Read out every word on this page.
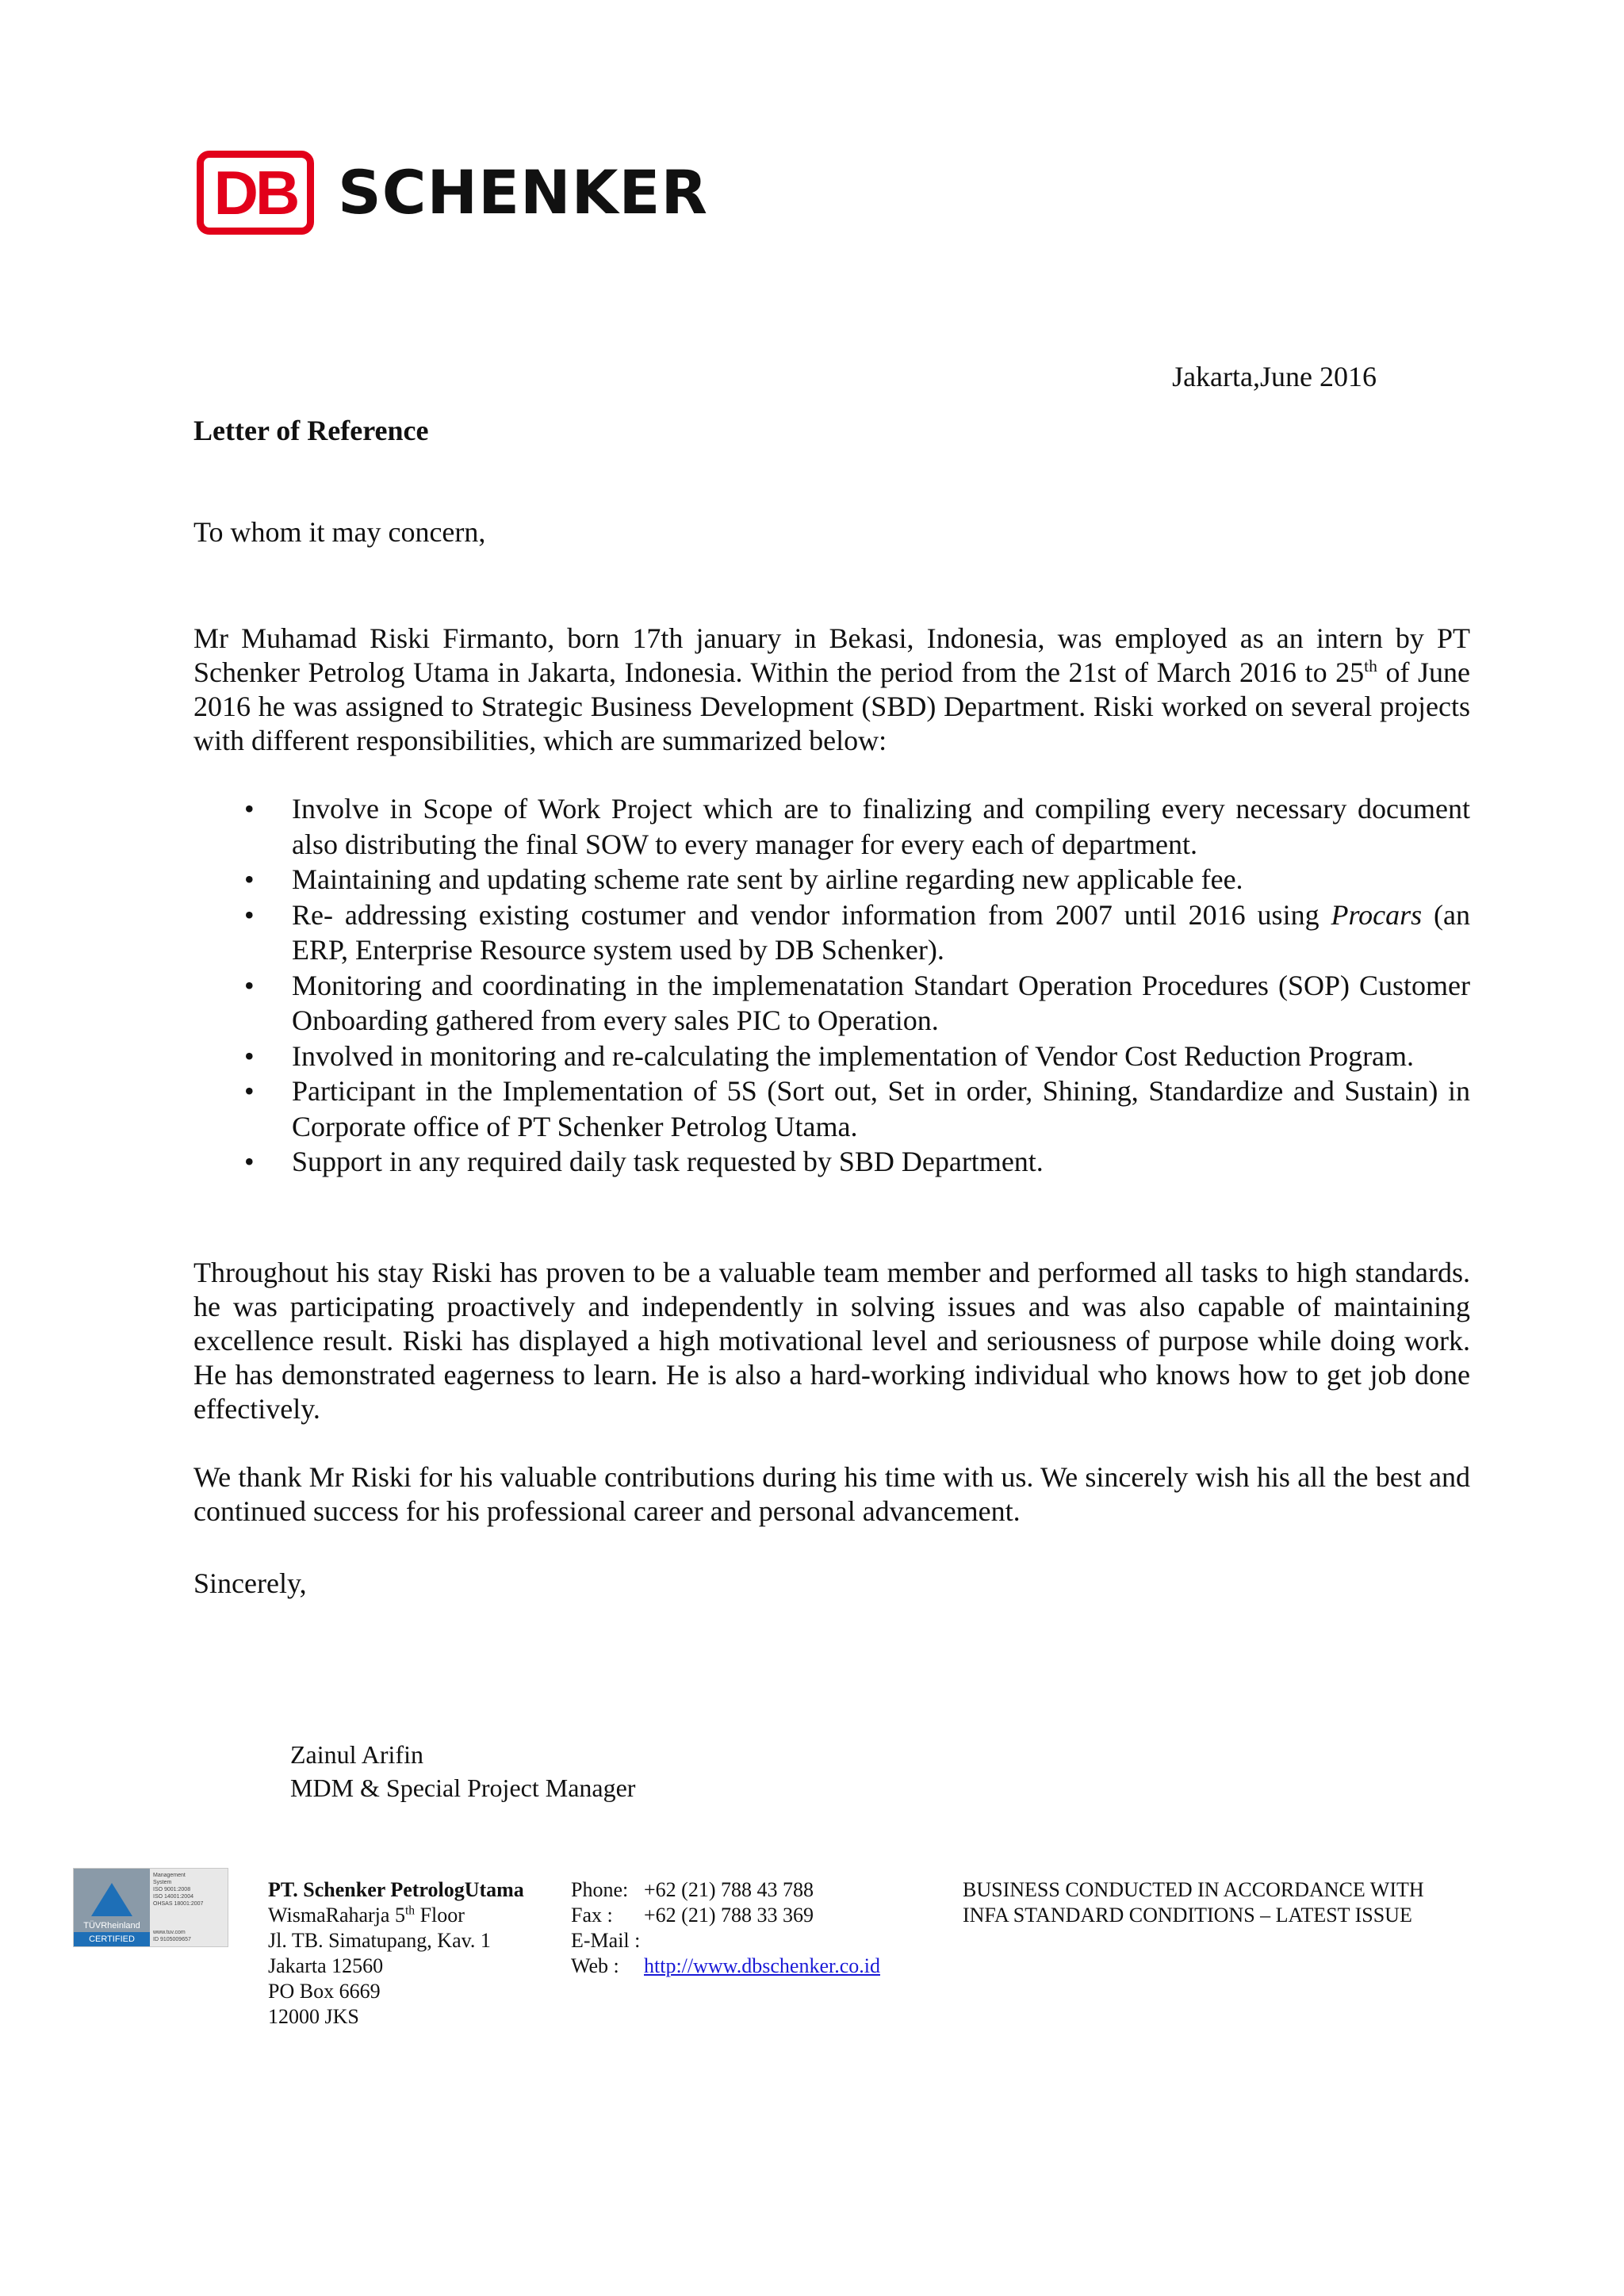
DB SCHENKER
Jakarta,June 2016
Letter of Reference
To whom it may concern,

Mr Muhamad Riski Firmanto, born 17th january in Bekasi, Indonesia, was employed as an intern by PT Schenker Petrolog Utama in Jakarta, Indonesia. Within the period from the 21st of March 2016 to 25th of June 2016 he was assigned to Strategic Business Development (SBD) Department. Riski worked on several projects with different responsibilities, which are summarized below:

• Involve in Scope of Work Project which are to finalizing and compiling every necessary document also distributing the final SOW to every manager for every each of department.
• Maintaining and updating scheme rate sent by airline regarding new applicable fee.
• Re- addressing existing costumer and vendor information from 2007 until 2016 using Procars (an ERP, Enterprise Resource system used by DB Schenker).
• Monitoring and coordinating in the implemenatation Standart Operation Procedures (SOP) Customer Onboarding gathered from every sales PIC to Operation.
• Involved in monitoring and re-calculating the implementation of Vendor Cost Reduction Program.
• Participant in the Implementation of 5S (Sort out, Set in order, Shining, Standardize and Sustain) in Corporate office of PT Schenker Petrolog Utama.
• Support in any required daily task requested by SBD Department.

Throughout his stay Riski has proven to be a valuable team member and performed all tasks to high standards. he was participating proactively and independently in solving issues and was also capable of maintaining excellence result. Riski has displayed a high motivational level and seriousness of purpose while doing work. He has demonstrated eagerness to learn. He is also a hard-working individual who knows how to get job done effectively.

We thank Mr Riski for his valuable contributions during his time with us. We sincerely wish his all the best and continued success for his professional career and personal advancement.

Sincerely,
Zainul Arifin
MDM & Special Project Manager
TÜVRheinland
CERTIFIED
Management
System
ISO 9001:2008
ISO 14001:2004
OHSAS 18001:2007
www.tuv.com
ID 9105009657
PT. Schenker PetrologUtama
WismaRaharja 5th Floor
Jl. TB. Simatupang, Kav. 1
Jakarta 12560
PO Box 6669
12000 JKS
Phone: +62 (21) 788 43 788
Fax :	+62 (21) 788 33 369
E-Mail :
Web :	http://www.dbschenker.co.id
BUSINESS CONDUCTED IN ACCORDANCE WITH
INFA STANDARD CONDITIONS – LATEST ISSUE
